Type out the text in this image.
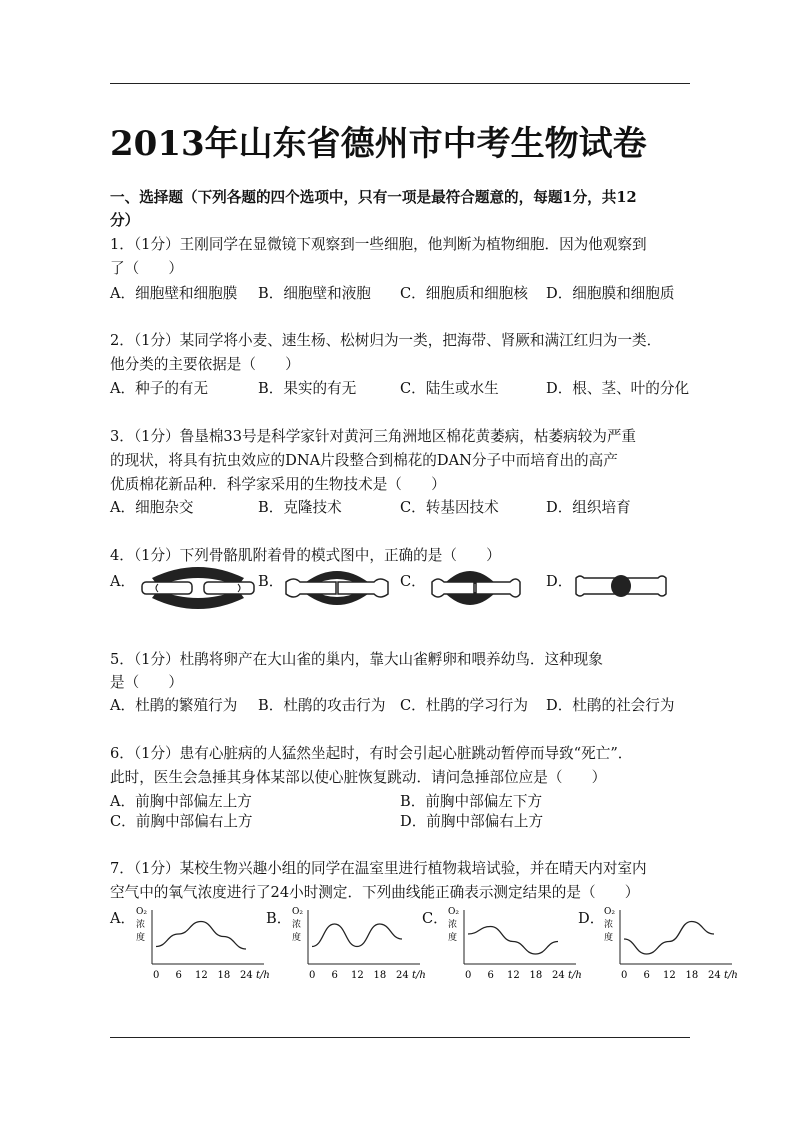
2013年山东省德州市中考生物试卷
一、选择题（下列各题的四个选项中，只有一项是最符合题意的，每题1分，共12
分）
1．（1分）王刚同学在显微镜下观察到一些细胞，他判断为植物细胞．因为他观察到
了（　　）
A．细胞壁和细胞膜 B．细胞壁和液胞 C．细胞质和细胞核 D．细胞膜和细胞质
2．（1分）某同学将小麦、速生杨、松树归为一类，把海带、肾厥和满江红归为一类．
他分类的主要依据是（　　）
A．种子的有无	B．果实的有无	C．陆生或水生	D．根、茎、叶的分化
3．（1分）鲁垦棉33号是科学家针对黄河三角洲地区棉花黄萎病，枯萎病较为严重
的现状，将具有抗虫效应的DNA片段整合到棉花的DAN分子中而培育出的高产
优质棉花新品种．科学家采用的生物技术是（　　）
A．细胞杂交	B．克隆技术	C．转基因技术	D．组织培育
4．（1分）下列骨骼肌附着骨的模式图中，正确的是（　　）
A．	B．	C．	D．
5．（1分）杜鹃将卵产在大山雀的巢内，靠大山雀孵卵和喂养幼鸟．这种现象
是（　　）
A．杜鹃的繁殖行为 B．杜鹃的攻击行为 C．杜鹃的学习行为 D．杜鹃的社会行为
6．（1分）患有心脏病的人猛然坐起时，有时会引起心脏跳动暂停而导致“死亡”．
此时，医生会急捶其身体某部以使心脏恢复跳动．请问急捶部位应是（　　）
A．前胸中部偏左上方	B．前胸中部偏左下方
C．前胸中部偏右上方	D．前胸中部偏右上方
7．（1分）某校生物兴趣小组的同学在温室里进行植物栽培试验，并在晴天内对室内
空气中的氧气浓度进行了24小时测定．下列曲线能正确表示测定结果的是（　　）
A．	B．	C．	D．
O₂
浓
度
0 6 12 18 24 t/h
O₂
浓
度
0 6 12 18 24 t/h
O₂
浓
度
0 6 12 18 24 t/h
O₂
浓
度
0 6 12 18 24 t/h
